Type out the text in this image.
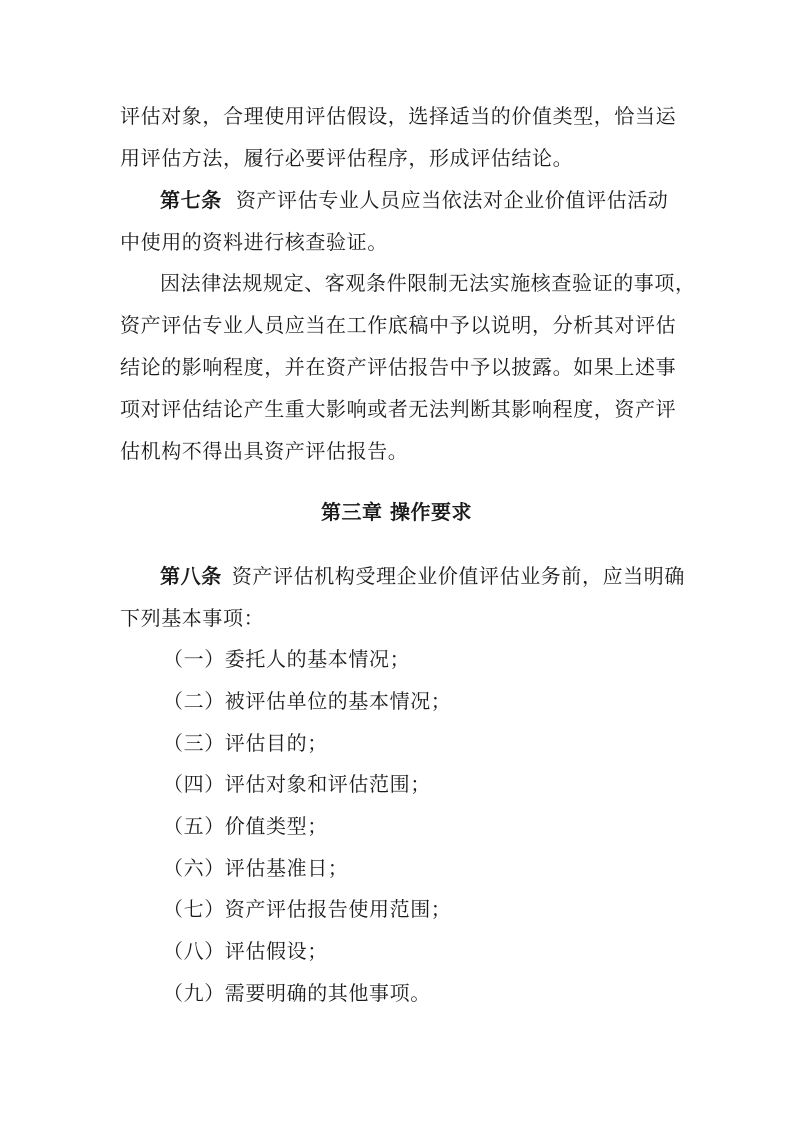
评估对象，合理使用评估假设，选择适当的价值类型，恰当运
用评估方法，履行必要评估程序，形成评估结论。
第七条 资产评估专业人员应当依法对企业价值评估活动
中使用的资料进行核查验证。
因法律法规规定、客观条件限制无法实施核查验证的事项，
资产评估专业人员应当在工作底稿中予以说明，分析其对评估
结论的影响程度，并在资产评估报告中予以披露。如果上述事
项对评估结论产生重大影响或者无法判断其影响程度，资产评
估机构不得出具资产评估报告。
第三章 操作要求
第八条 资产评估机构受理企业价值评估业务前，应当明确
下列基本事项：
（一）委托人的基本情况；
（二）被评估单位的基本情况；
（三）评估目的；
（四）评估对象和评估范围；
（五）价值类型；
（六）评估基准日；
（七）资产评估报告使用范围；
（八）评估假设；
（九）需要明确的其他事项。
